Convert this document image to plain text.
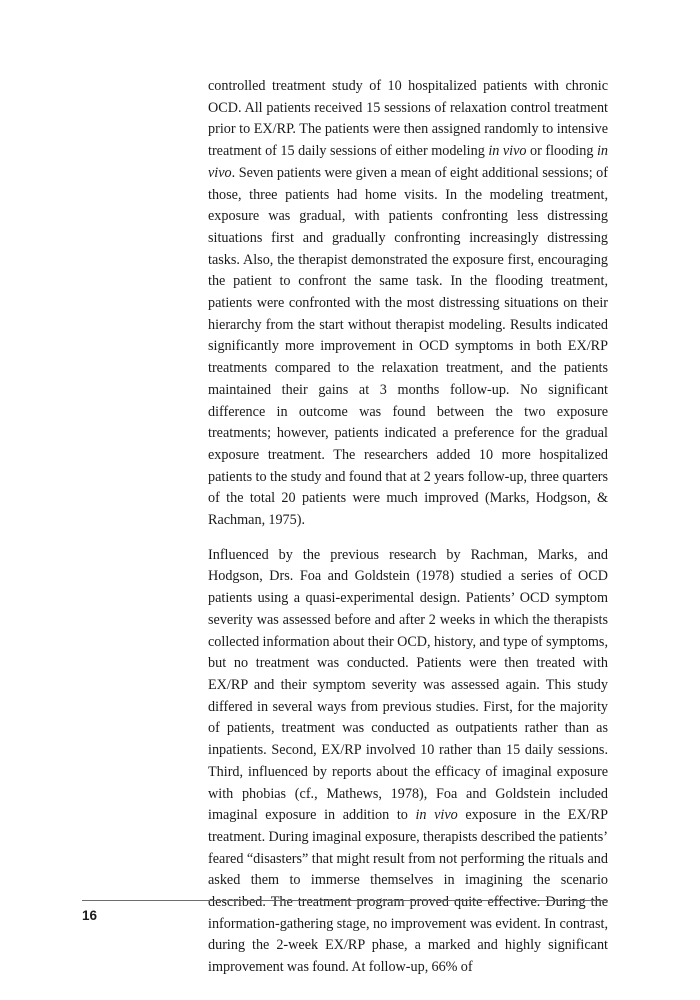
controlled treatment study of 10 hospitalized patients with chronic OCD. All patients received 15 sessions of relaxation control treatment prior to EX/RP. The patients were then assigned randomly to intensive treatment of 15 daily sessions of either modeling in vivo or flooding in vivo. Seven patients were given a mean of eight additional sessions; of those, three patients had home visits. In the modeling treatment, exposure was gradual, with patients confronting less distressing situations first and gradually confronting increasingly distressing tasks. Also, the therapist demonstrated the exposure first, encouraging the patient to confront the same task. In the flooding treatment, patients were confronted with the most distressing situations on their hierarchy from the start without therapist modeling. Results indicated significantly more improvement in OCD symptoms in both EX/RP treatments compared to the relaxation treatment, and the patients maintained their gains at 3 months follow-up. No significant difference in outcome was found between the two exposure treatments; however, patients indicated a preference for the gradual exposure treatment. The researchers added 10 more hospitalized patients to the study and found that at 2 years follow-up, three quarters of the total 20 patients were much improved (Marks, Hodgson, & Rachman, 1975).

Influenced by the previous research by Rachman, Marks, and Hodgson, Drs. Foa and Goldstein (1978) studied a series of OCD patients using a quasi-experimental design. Patients’ OCD symptom severity was assessed before and after 2 weeks in which the therapists collected information about their OCD, history, and type of symptoms, but no treatment was conducted. Patients were then treated with EX/RP and their symptom severity was assessed again. This study differed in several ways from previous studies. First, for the majority of patients, treatment was conducted as outpatients rather than as inpatients. Second, EX/RP involved 10 rather than 15 daily sessions. Third, influenced by reports about the efficacy of imaginal exposure with phobias (cf., Mathews, 1978), Foa and Goldstein included imaginal exposure in addition to in vivo exposure in the EX/RP treatment. During imaginal exposure, therapists described the patients’ feared “disasters” that might result from not performing the rituals and asked them to immerse themselves in imagining the scenario described. The treatment program proved quite effective. During the information-gathering stage, no improvement was evident. In contrast, during the 2-week EX/RP phase, a marked and highly significant improvement was found. At follow-up, 66% of

16
